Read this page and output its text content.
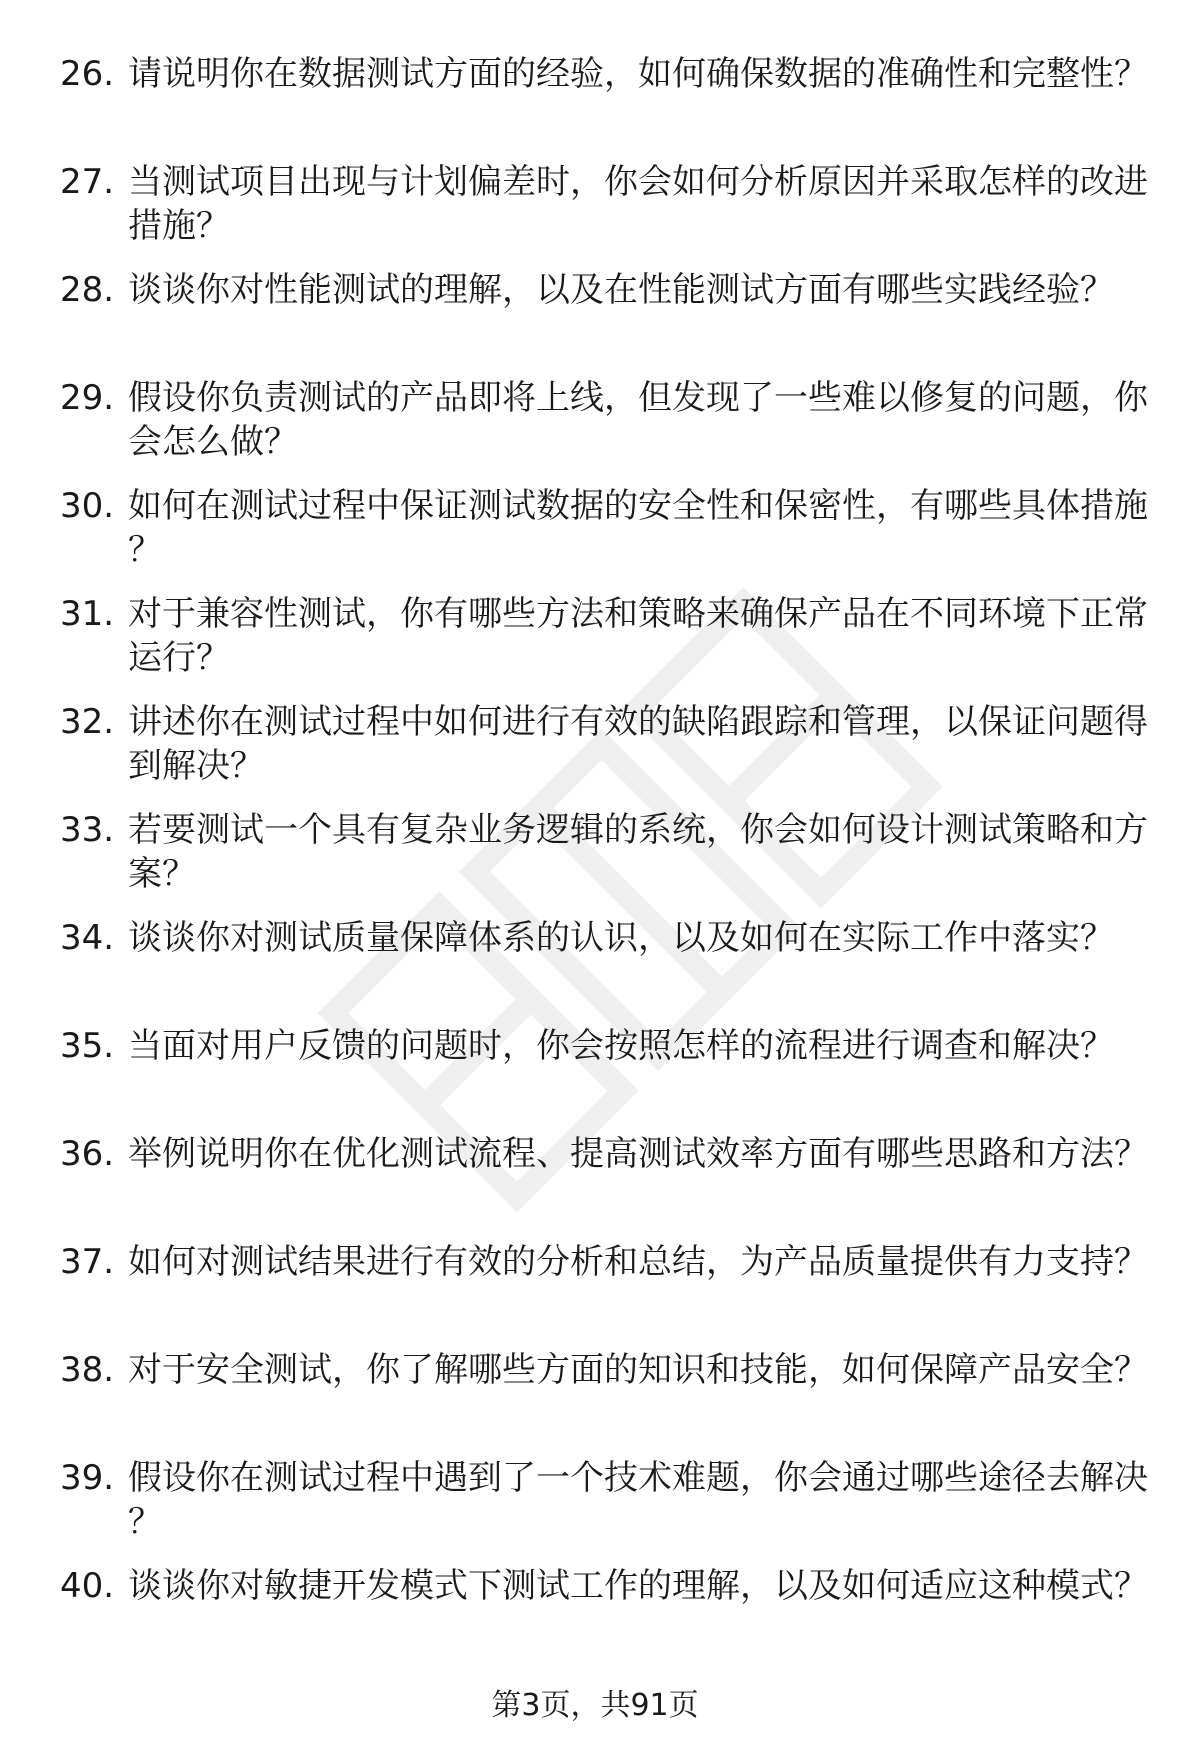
26. 请说明你在数据测试方面的经验，如何确保数据的准确性和完整性？
27. 当测试项目出现与计划偏差时，你会如何分析原因并采取怎样的改进措施？
28. 谈谈你对性能测试的理解，以及在性能测试方面有哪些实践经验？
29. 假设你负责测试的产品即将上线，但发现了一些难以修复的问题，你会怎么做？
30. 如何在测试过程中保证测试数据的安全性和保密性，有哪些具体措施？
31. 对于兼容性测试，你有哪些方法和策略来确保产品在不同环境下正常运行？
32. 讲述你在测试过程中如何进行有效的缺陷跟踪和管理，以保证问题得到解决？
33. 若要测试一个具有复杂业务逻辑的系统，你会如何设计测试策略和方案？
34. 谈谈你对测试质量保障体系的认识，以及如何在实际工作中落实？
35. 当面对用户反馈的问题时，你会按照怎样的流程进行调查和解决？
36. 举例说明你在优化测试流程、提高测试效率方面有哪些思路和方法？
37. 如何对测试结果进行有效的分析和总结，为产品质量提供有力支持？
38. 对于安全测试，你了解哪些方面的知识和技能，如何保障产品安全？
39. 假设你在测试过程中遇到了一个技术难题，你会通过哪些途径去解决？
40. 谈谈你对敏捷开发模式下测试工作的理解，以及如何适应这种模式？
第3页，共91页
